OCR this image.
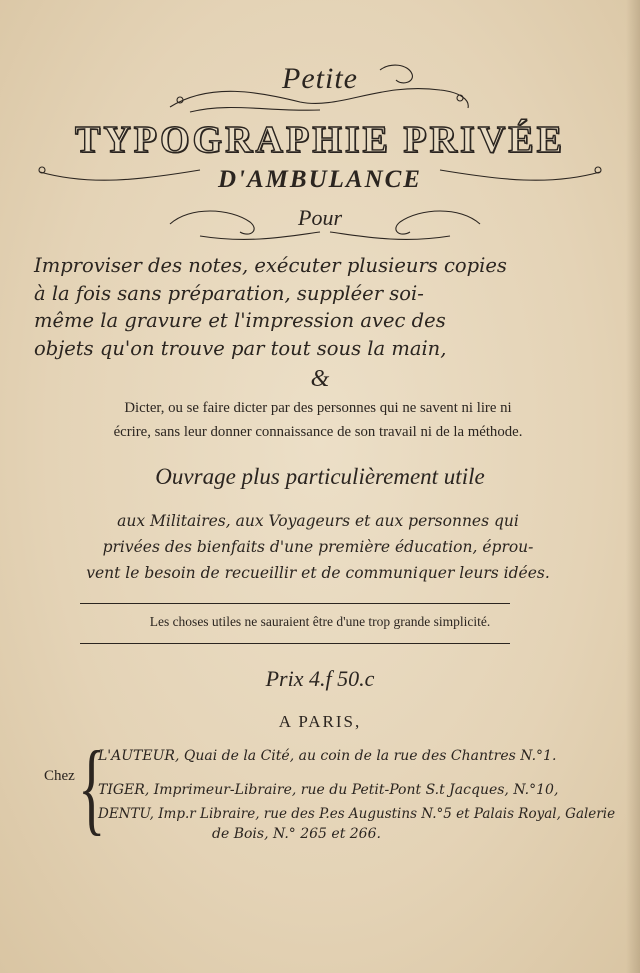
Petite
TYPOGRAPHIE PRIVÉE
D'AMBULANCE
Pour
Improviser des notes, exécuter plusieurs copies
à la fois sans préparation, suppléer soi-
même la gravure et l'impression avec des
objets qu'on trouve par tout sous la main,
&
Dicter, ou se faire dicter par des personnes qui ne savent ni lire ni
écrire, sans leur donner connaissance de son travail ni de la méthode.
Ouvrage plus particulièrement utile
aux Militaires, aux Voyageurs et aux personnes qui
privées des bienfaits d'une première éducation, éprou-
vent le besoin de recueillir et de communiquer leurs idées.
Les choses utiles ne sauraient être d'une trop grande simplicité.
Prix 4.f 50.c
A PARIS,
Chez {
L'AUTEUR, Quai de la Cité, au coin de la rue des Chantres N.°1.
TIGER, Imprimeur-Libraire, rue du Petit-Pont S.t Jacques, N.°10,
DENTU, Imp.r Libraire, rue des P.es Augustins N.°5 et Palais Royal, Galerie
de Bois, N.° 265 et 266.
